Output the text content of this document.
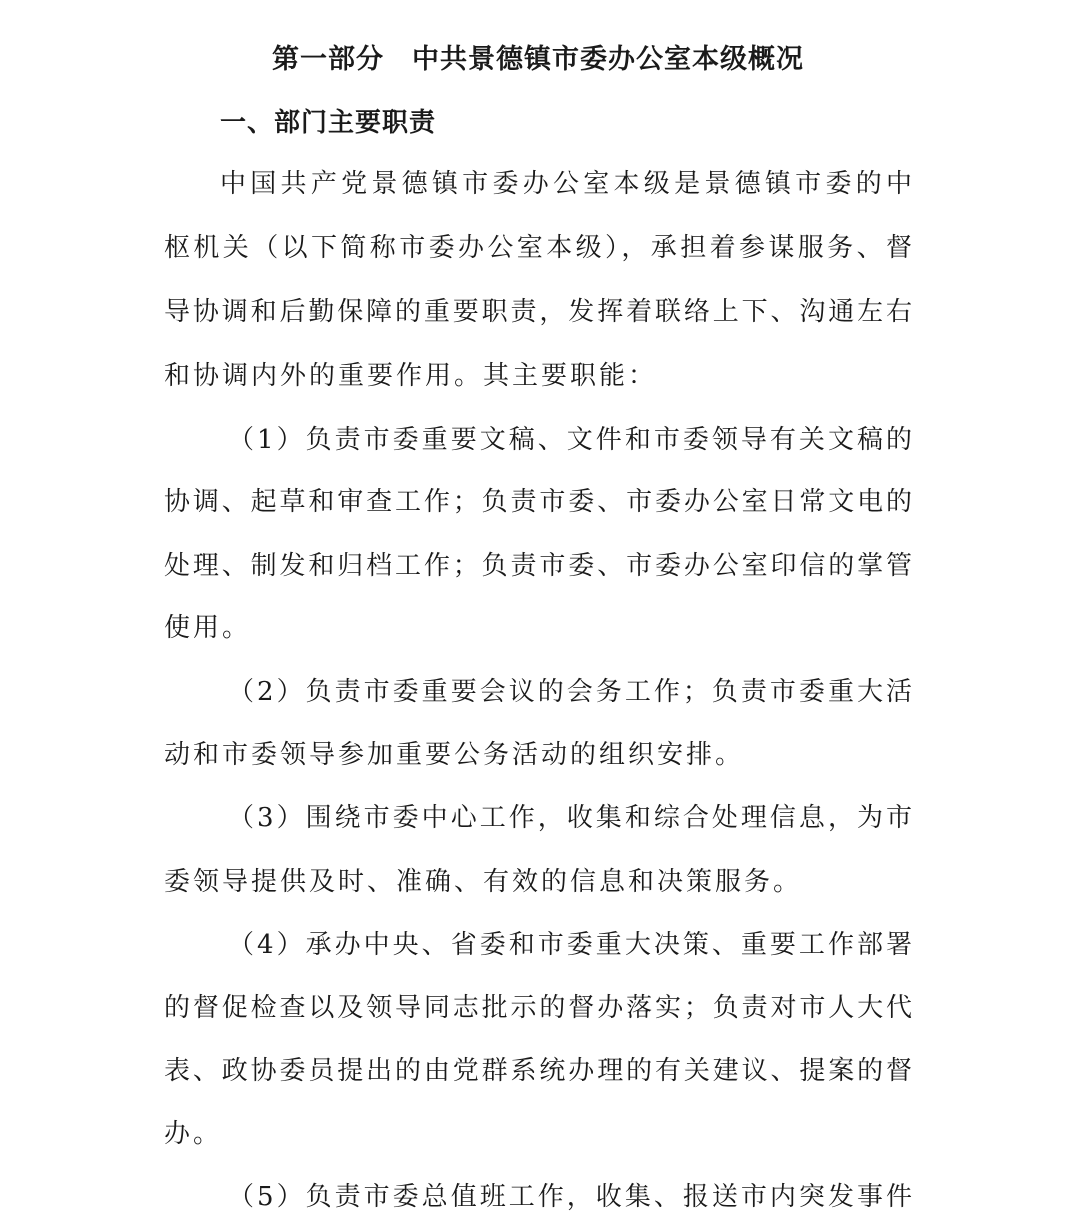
第一部分　中共景德镇市委办公室本级概况
一、部门主要职责
中国共产党景德镇市委办公室本级是景德镇市委的中
枢机关（以下简称市委办公室本级），承担着参谋服务、督
导协调和后勤保障的重要职责，发挥着联络上下、沟通左右
和协调内外的重要作用。其主要职能：
（1）负责市委重要文稿、文件和市委领导有关文稿的
协调、起草和审查工作；负责市委、市委办公室日常文电的
处理、制发和归档工作；负责市委、市委办公室印信的掌管
使用。
（2）负责市委重要会议的会务工作；负责市委重大活
动和市委领导参加重要公务活动的组织安排。
（3）围绕市委中心工作，收集和综合处理信息，为市
委领导提供及时、准确、有效的信息和决策服务。
（4）承办中央、省委和市委重大决策、重要工作部署
的督促检查以及领导同志批示的督办落实；负责对市人大代
表、政协委员提出的由党群系统办理的有关建议、提案的督
办。
（5）负责市委总值班工作，收集、报送市内突发事件
